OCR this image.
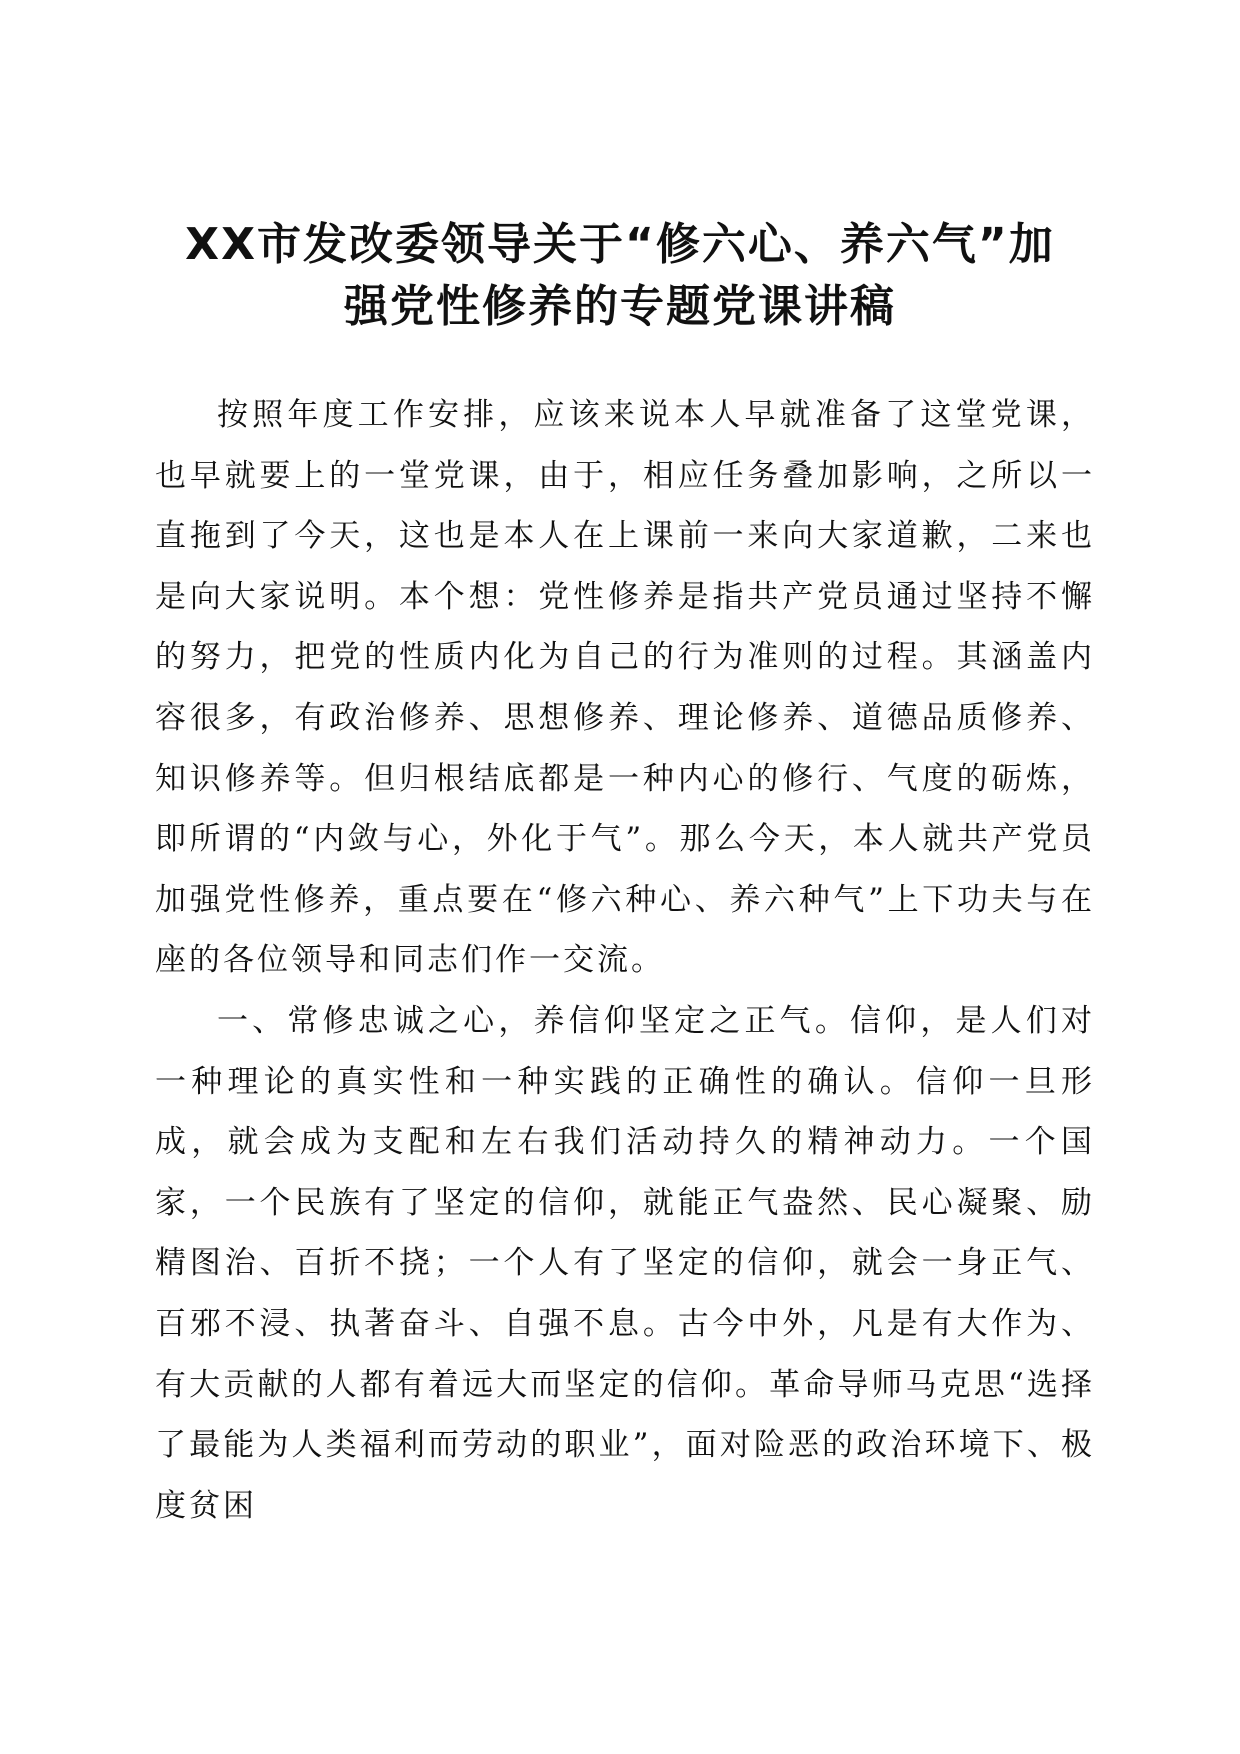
XX市发改委领导关于“修六心、养六气”加
强党性修养的专题党课讲稿

按照年度工作安排，应该来说本人早就准备了这堂党课，也早就要上的一堂党课，由于，相应任务叠加影响，之所以一直拖到了今天，这也是本人在上课前一来向大家道歉，二来也是向大家说明。本个想：党性修养是指共产党员通过坚持不懈的努力，把党的性质内化为自己的行为准则的过程。其涵盖内容很多，有政治修养、思想修养、理论修养、道德品质修养、知识修养等。但归根结底都是一种内心的修行、气度的砺炼，即所谓的“内敛与心，外化于气”。那么今天，本人就共产党员加强党性修养，重点要在“修六种心、养六种气”上下功夫与在座的各位领导和同志们作一交流。

一、常修忠诚之心，养信仰坚定之正气。信仰，是人们对一种理论的真实性和一种实践的正确性的确认。信仰一旦形成，就会成为支配和左右我们活动持久的精神动力。一个国家，一个民族有了坚定的信仰，就能正气盎然、民心凝聚、励精图治、百折不挠；一个人有了坚定的信仰，就会一身正气、百邪不浸、执著奋斗、自强不息。古今中外，凡是有大作为、有大贡献的人都有着远大而坚定的信仰。革命导师马克思“选择了最能为人类福利而劳动的职业”，面对险恶的政治环境下、极度贫困
